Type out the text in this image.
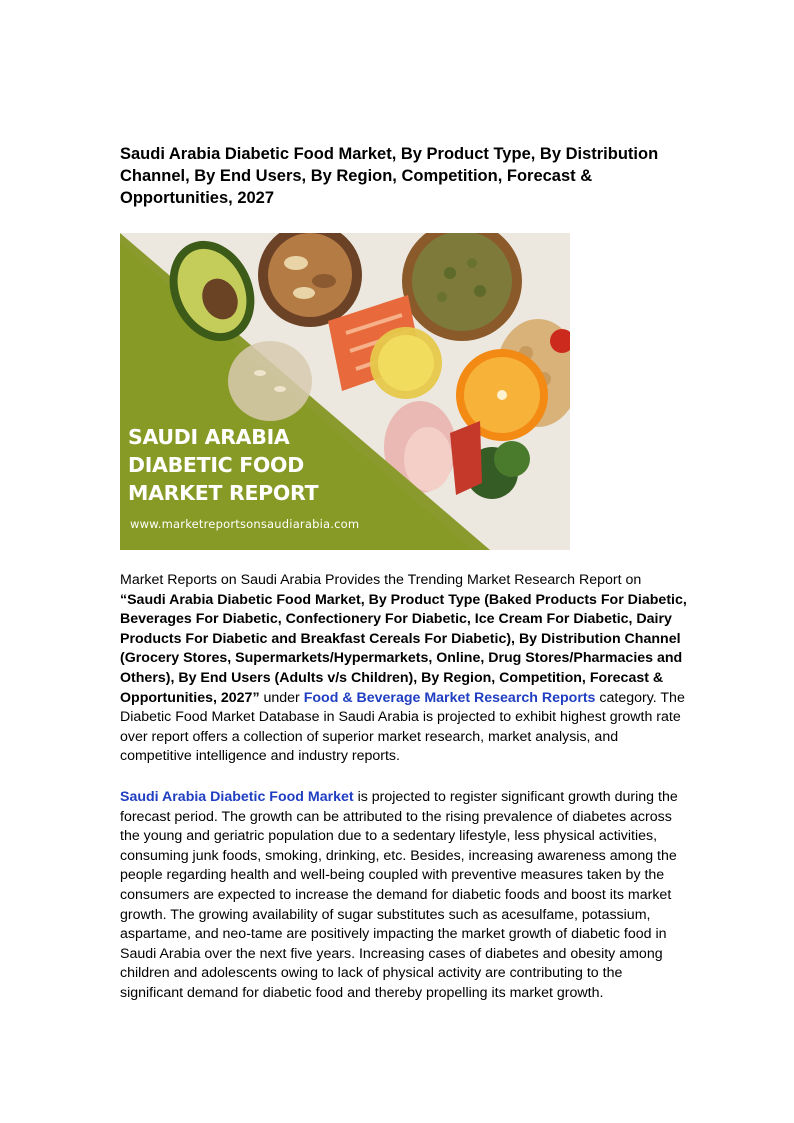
Saudi Arabia Diabetic Food Market, By Product Type, By Distribution Channel, By End Users, By Region, Competition, Forecast & Opportunities, 2027
SAUDI ARABIA
DIABETIC FOOD
MARKET REPORT
www.marketreportsonsaudiarabia.com

Market Reports on Saudi Arabia Provides the Trending Market Research Report on “Saudi Arabia Diabetic Food Market, By Product Type (Baked Products For Diabetic, Beverages For Diabetic, Confectionery For Diabetic, Ice Cream For Diabetic, Dairy Products For Diabetic and Breakfast Cereals For Diabetic), By Distribution Channel (Grocery Stores, Supermarkets/Hypermarkets, Online, Drug Stores/Pharmacies and Others), By End Users (Adults v/s Children), By Region, Competition, Forecast & Opportunities, 2027” under Food & Beverage Market Research Reports category. The Diabetic Food Market Database in Saudi Arabia is projected to exhibit highest growth rate over report offers a collection of superior market research, market analysis, and competitive intelligence and industry reports.

Saudi Arabia Diabetic Food Market is projected to register significant growth during the forecast period. The growth can be attributed to the rising prevalence of diabetes across the young and geriatric population due to a sedentary lifestyle, less physical activities, consuming junk foods, smoking, drinking, etc. Besides, increasing awareness among the people regarding health and well-being coupled with preventive measures taken by the consumers are expected to increase the demand for diabetic foods and boost its market growth. The growing availability of sugar substitutes such as acesulfame, potassium, aspartame, and neo-tame are positively impacting the market growth of diabetic food in Saudi Arabia over the next five years. Increasing cases of diabetes and obesity among children and adolescents owing to lack of physical activity are contributing to the significant demand for diabetic food and thereby propelling its market growth.
